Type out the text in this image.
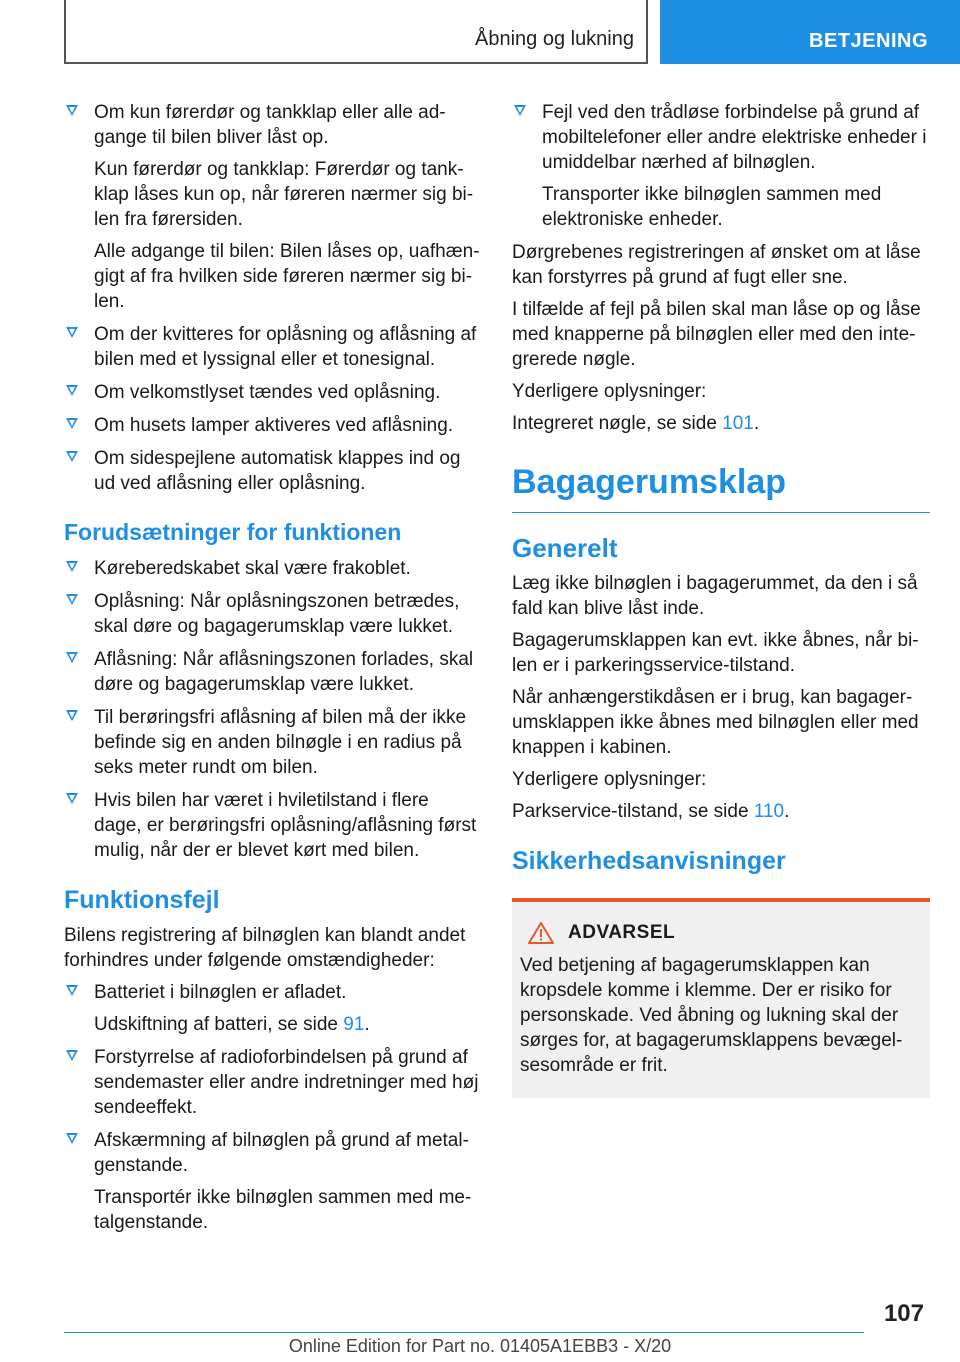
Åbning og lukning	BETJENING

Om kun førerdør og tankklap eller alle ad-gange til bilen bliver låst op.

Kun førerdør og tankklap: Førerdør og tank-klap låses kun op, når føreren nærmer sig bi-len fra førersiden.

Alle adgange til bilen: Bilen låses op, uafhæn-gigt af fra hvilken side føreren nærmer sig bi-len.

Om der kvitteres for oplåsning og aflåsning af bilen med et lyssignal eller et tonesignal.

Om velkomstlyset tændes ved oplåsning.

Om husets lamper aktiveres ved aflåsning.

Om sidespejlene automatisk klappes ind og ud ved aflåsning eller oplåsning.

Forudsætninger for funktionen

Køreberedskabet skal være frakoblet.

Oplåsning: Når oplåsningszonen betrædes, skal døre og bagagerumsklap være lukket.

Aflåsning: Når aflåsningszonen forlades, skal døre og bagagerumsklap være lukket.

Til berøringsfri aflåsning af bilen må der ikke befinde sig en anden bilnøgle i en radius på seks meter rundt om bilen.

Hvis bilen har været i hviletilstand i flere dage, er berøringsfri oplåsning/aflåsning først mulig, når der er blevet kørt med bilen.

Funktionsfejl

Bilens registrering af bilnøglen kan blandt andet forhindres under følgende omstændigheder:

Batteriet i bilnøglen er afladet.

Udskiftning af batteri, se side 91.

Forstyrrelse af radioforbindelsen på grund af sendemaster eller andre indretninger med høj sendeeffekt.

Afskærmning af bilnøglen på grund af metal-genstande.

Transportér ikke bilnøglen sammen med me-talgenstande.

Fejl ved den trådløse forbindelse på grund af mobiltelefoner eller andre elektriske enheder i umiddelbar nærhed af bilnøglen.

Transporter ikke bilnøglen sammen med elektroniske enheder.

Dørgrebenes registreringen af ønsket om at låse kan forstyrres på grund af fugt eller sne.

I tilfælde af fejl på bilen skal man låse op og låse med knapperne på bilnøglen eller med den inte-grerede nøgle.

Yderligere oplysninger:

Integreret nøgle, se side 101.

Bagagerumsklap
Generelt

Læg ikke bilnøglen i bagagerummet, da den i så fald kan blive låst inde.

Bagagerumsklappen kan evt. ikke åbnes, når bi-len er i parkeringsservice-tilstand.

Når anhængerstikdåsen er i brug, kan bagager-umsklappen ikke åbnes med bilnøglen eller med knappen i kabinen.

Yderligere oplysninger:

Parkservice-tilstand, se side 110.

Sikkerhedsanvisninger
ADVARSEL

Ved betjening af bagagerumsklappen kan kropsdele komme i klemme. Der er risiko for personskade. Ved åbning og lukning skal der sørges for, at bagagerumsklappens bevægel-sesområde er frit.

107
Online Edition for Part no. 01405A1EBB3 - X/20
